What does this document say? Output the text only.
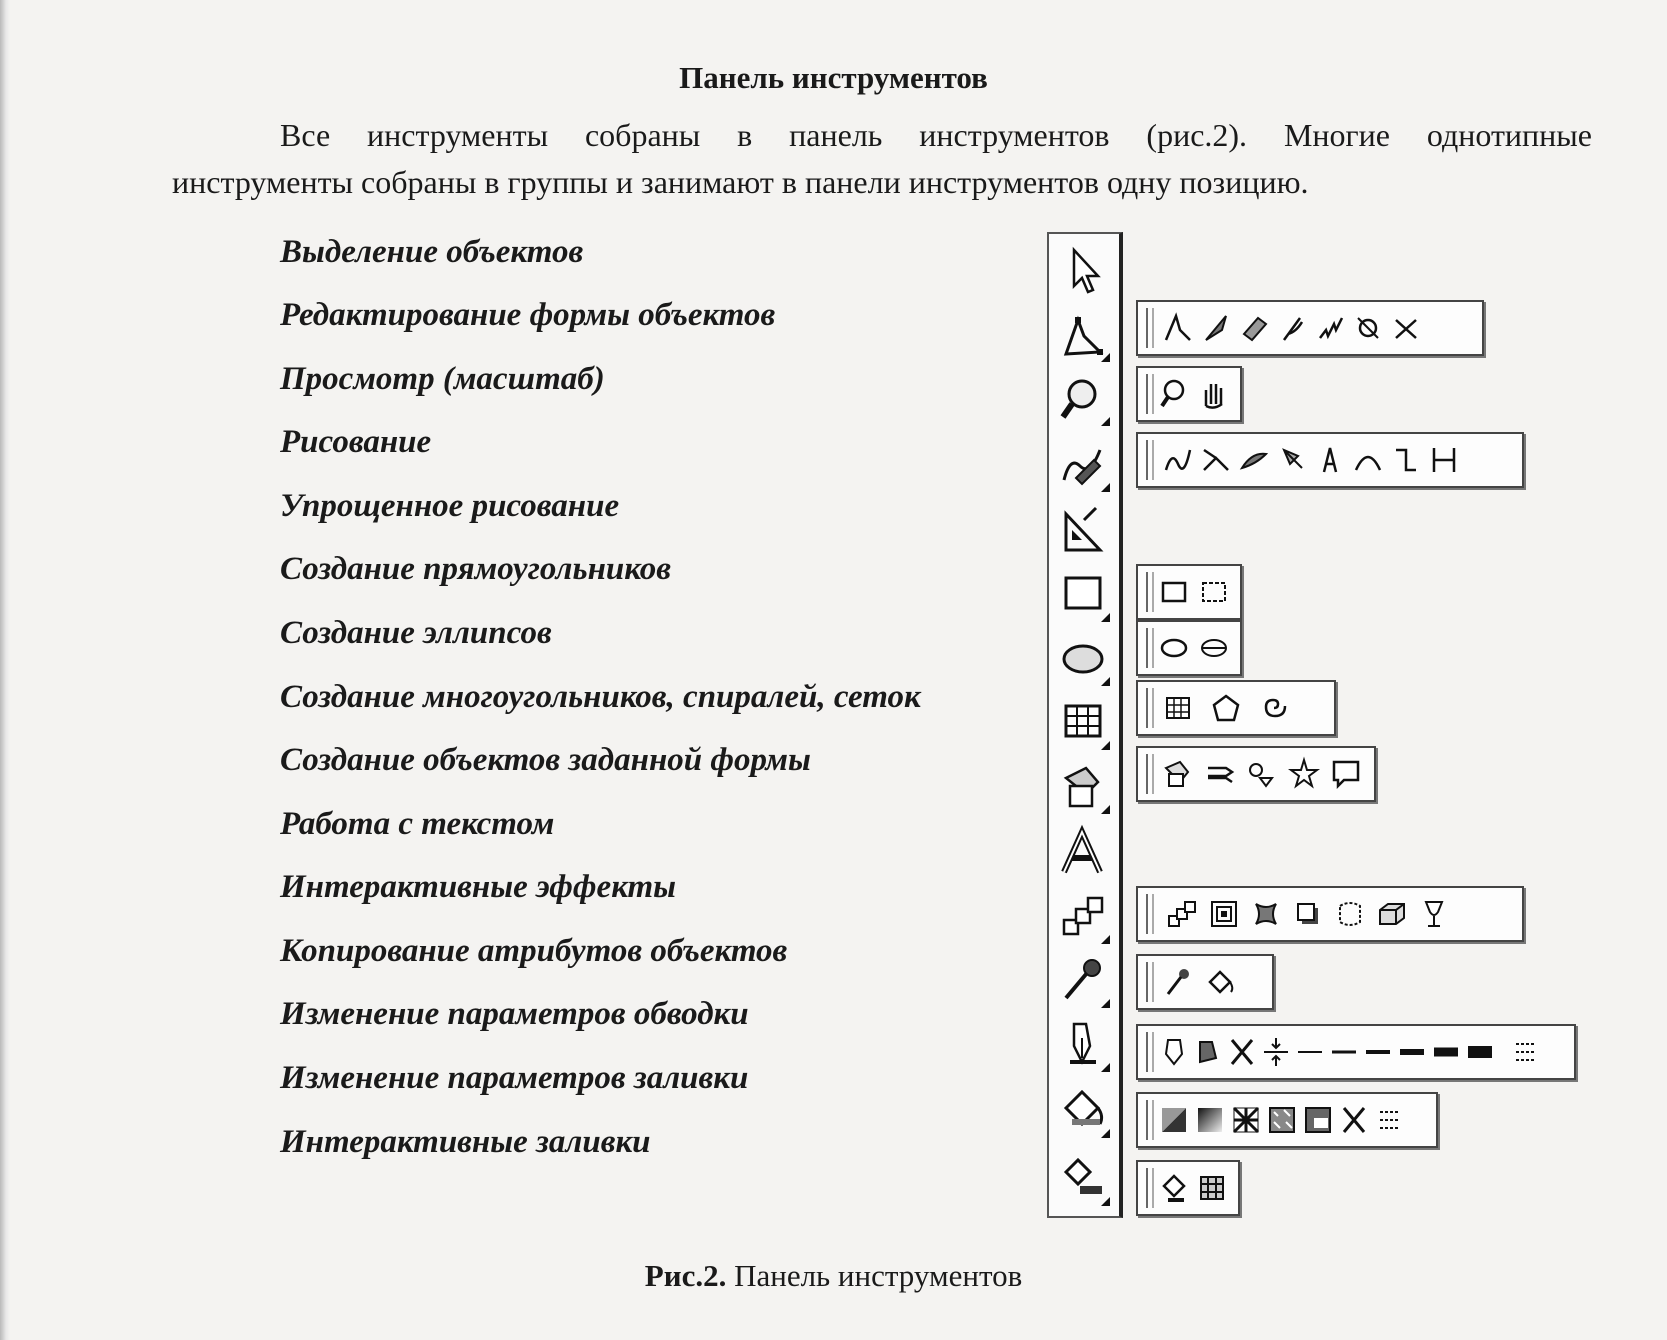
Панель инструментов

Все инструменты собраны в панель инструментов (рис.2). Многие однотипные

инструменты собраны в группы и занимают в панели инструментов одну позицию.

Выделение объектов
Редактирование формы объектов
Просмотр (масштаб)
Рисование
Упрощенное рисование
Создание прямоугольников
Создание эллипсов
Создание многоугольников, спиралей, сеток
Создание объектов заданной формы
Работа с текстом
Интерактивные эффекты
Копирование атрибутов объектов
Изменение параметров обводки
Изменение параметров заливки
Интерактивные заливки
Рис.2. Панель инструментов
